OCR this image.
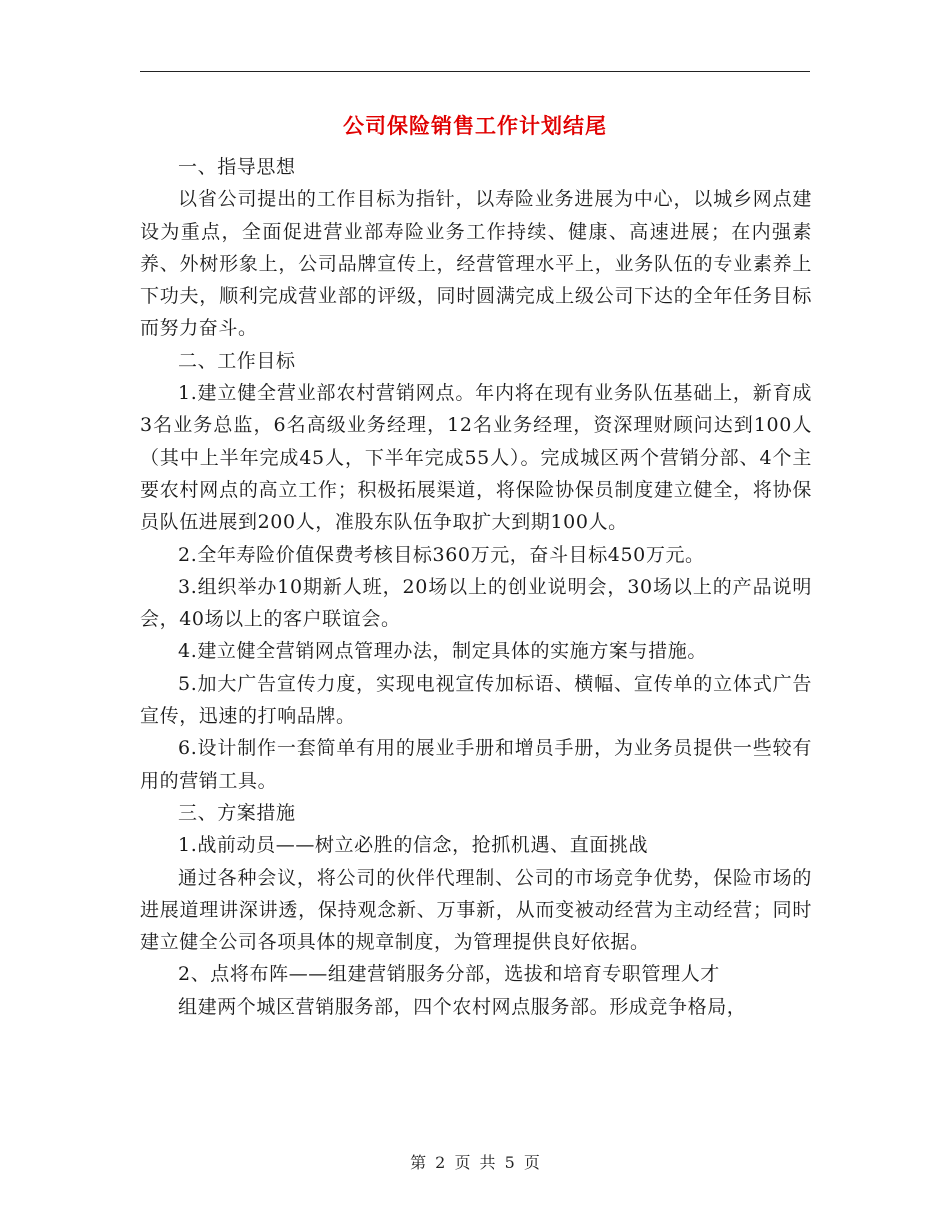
公司保险销售工作计划结尾

一、指导思想

以省公司提出的工作目标为指针，以寿险业务进展为中心，以城乡网点建设为重点，全面促进营业部寿险业务工作持续、健康、高速进展；在内强素养、外树形象上，公司品牌宣传上，经营管理水平上，业务队伍的专业素养上下功夫，顺利完成营业部的评级，同时圆满完成上级公司下达的全年任务目标而努力奋斗。

二、工作目标

1.建立健全营业部农村营销网点。年内将在现有业务队伍基础上，新育成3名业务总监，6名高级业务经理，12名业务经理，资深理财顾问达到100人（其中上半年完成45人，下半年完成55人）。完成城区两个营销分部、4个主要农村网点的高立工作；积极拓展渠道，将保险协保员制度建立健全，将协保员队伍进展到200人，准股东队伍争取扩大到期100人。

2.全年寿险价值保费考核目标360万元，奋斗目标450万元。

3.组织举办10期新人班，20场以上的创业说明会，30场以上的产品说明会，40场以上的客户联谊会。

4.建立健全营销网点管理办法，制定具体的实施方案与措施。

5.加大广告宣传力度，实现电视宣传加标语、横幅、宣传单的立体式广告宣传，迅速的打响品牌。

6.设计制作一套简单有用的展业手册和增员手册，为业务员提供一些较有用的营销工具。

三、方案措施

1.战前动员——树立必胜的信念，抢抓机遇、直面挑战

通过各种会议，将公司的伙伴代理制、公司的市场竞争优势，保险市场的进展道理讲深讲透，保持观念新、万事新，从而变被动经营为主动经营；同时建立健全公司各项具体的规章制度，为管理提供良好依据。

2、点将布阵——组建营销服务分部，选拔和培育专职管理人才

组建两个城区营销服务部，四个农村网点服务部。形成竞争格局，

第 2 页 共 5 页
